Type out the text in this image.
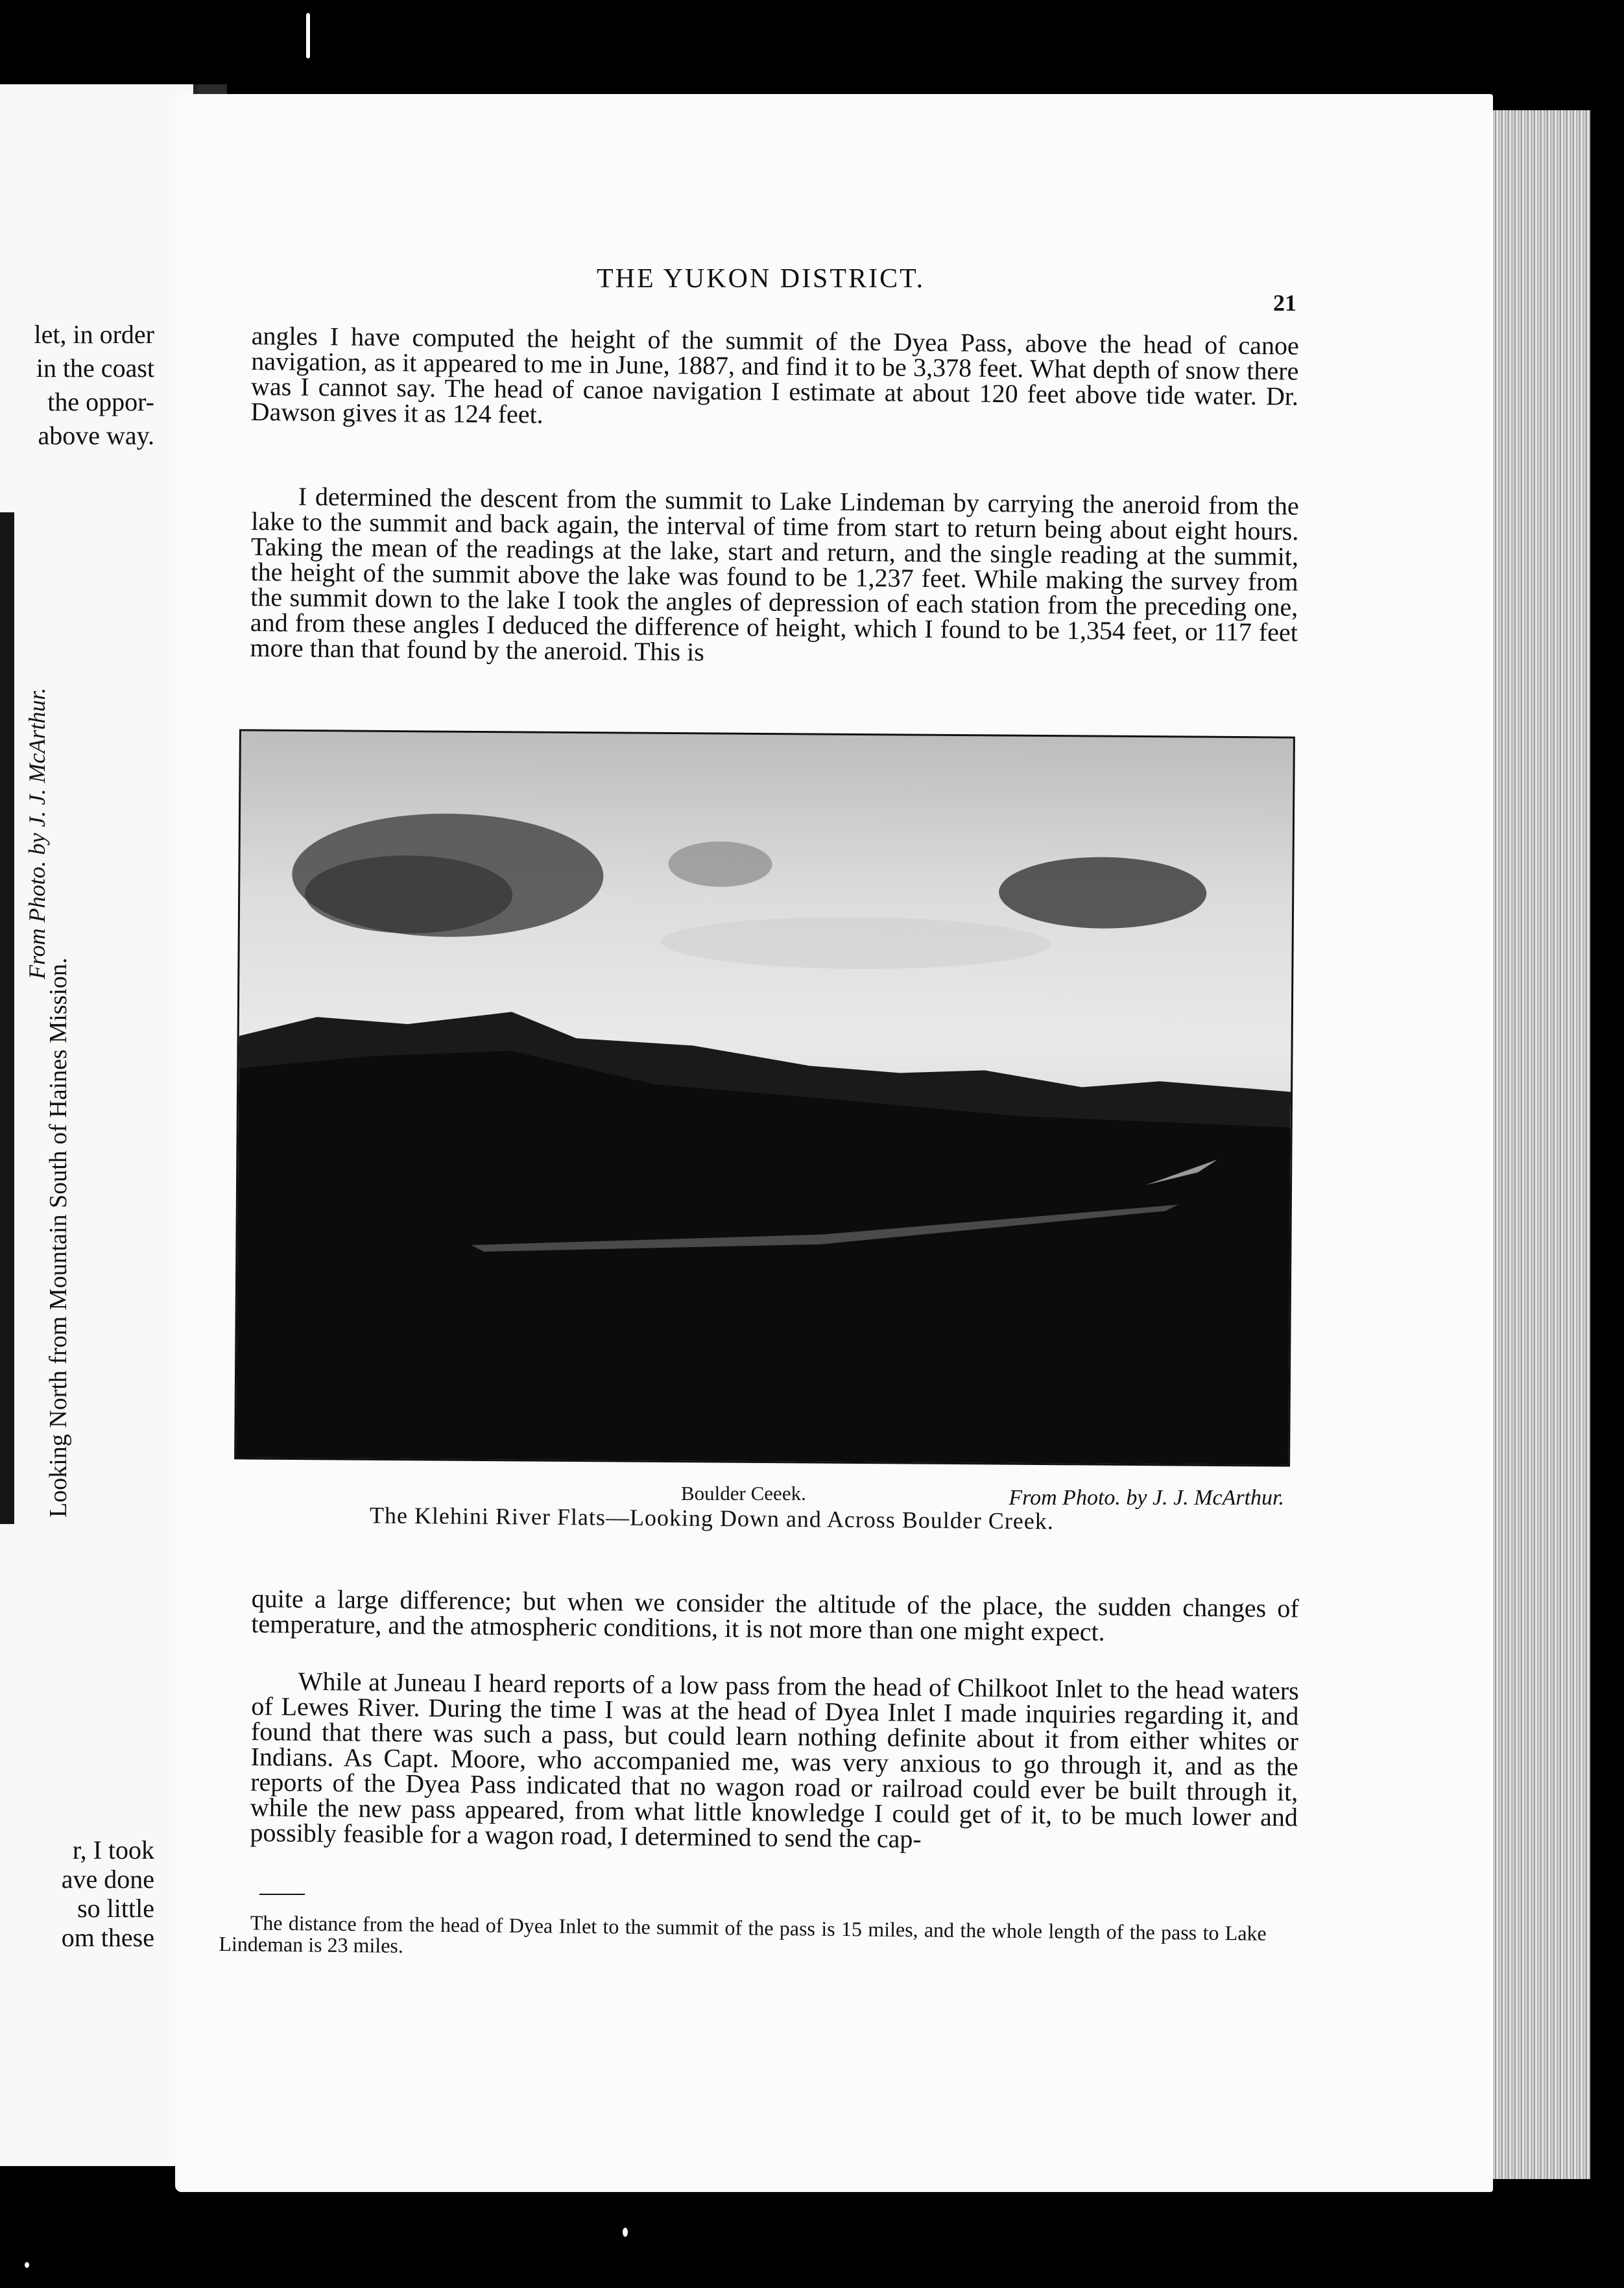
let, in order
in the coast
the oppor-
above way.
From Photo. by J. J. McArthur.
Looking North from Mountain South of Haines Mission.
r, I took
ave done
so little
om these
THE YUKON DISTRICT.
21

angles I have computed the height of the summit of the Dyea Pass, above the head of canoe navigation, as it appeared to me in June, 1887, and find it to be 3,378 feet. What depth of snow there was I cannot say. The head of canoe navigation I estimate at about 120 feet above tide water. Dr. Dawson gives it as 124 feet.

I determined the descent from the summit to Lake Lindeman by carrying the aneroid from the lake to the summit and back again, the interval of time from start to return being about eight hours. Taking the mean of the readings at the lake, start and return, and the single reading at the summit, the height of the summit above the lake was found to be 1,237 feet. While making the survey from the summit down to the lake I took the angles of depression of each station from the preceding one, and from these angles I deduced the difference of height, which I found to be 1,354 feet, or 117 feet more than that found by the aneroid. This is

Boulder Ceeek.	From Photo. by J. J. McArthur.
The Klehini River Flats—Looking Down and Across Boulder Creek.

quite a large difference; but when we consider the altitude of the place, the sudden changes of temperature, and the atmospheric conditions, it is not more than one might expect.

While at Juneau I heard reports of a low pass from the head of Chilkoot Inlet to the head waters of Lewes River. During the time I was at the head of Dyea Inlet I made inquiries regarding it, and found that there was such a pass, but could learn nothing definite about it from either whites or Indians. As Capt. Moore, who accompanied me, was very anxious to go through it, and as the reports of the Dyea Pass indicated that no wagon road or railroad could ever be built through it, while the new pass appeared, from what little knowledge I could get of it, to be much lower and possibly feasible for a wagon road, I determined to send the cap-

The distance from the head of Dyea Inlet to the summit of the pass is 15 miles, and the whole length of the pass to Lake Lindeman is 23 miles.
